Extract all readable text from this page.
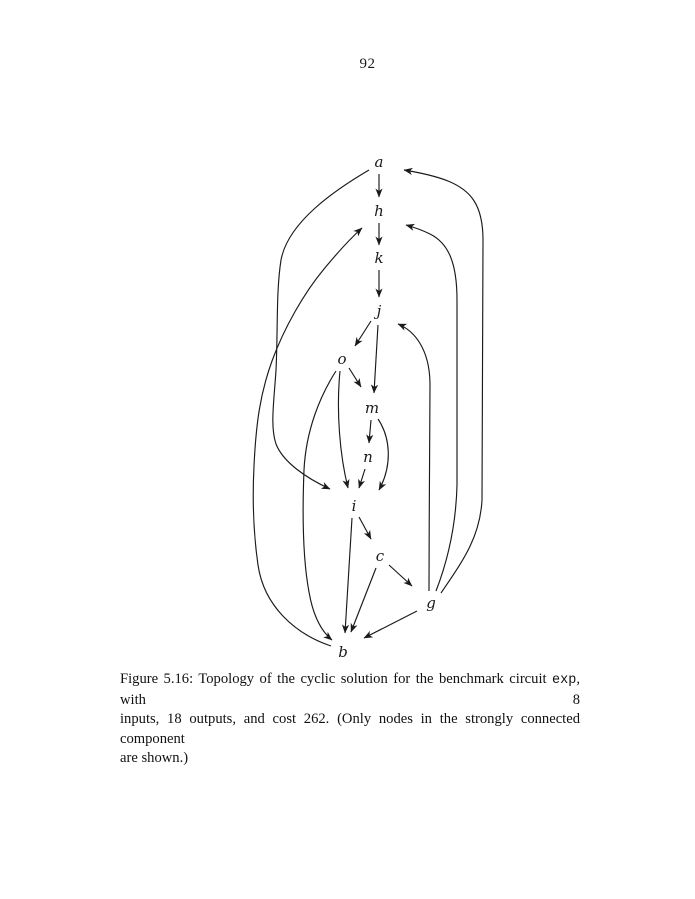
92
a
h
k
j
o
m
n
i
c
g
b
Figure 5.16: Topology of the cyclic solution for the benchmark circuit exp, with 8
inputs, 18 outputs, and cost 262. (Only nodes in the strongly connected component
are shown.)
